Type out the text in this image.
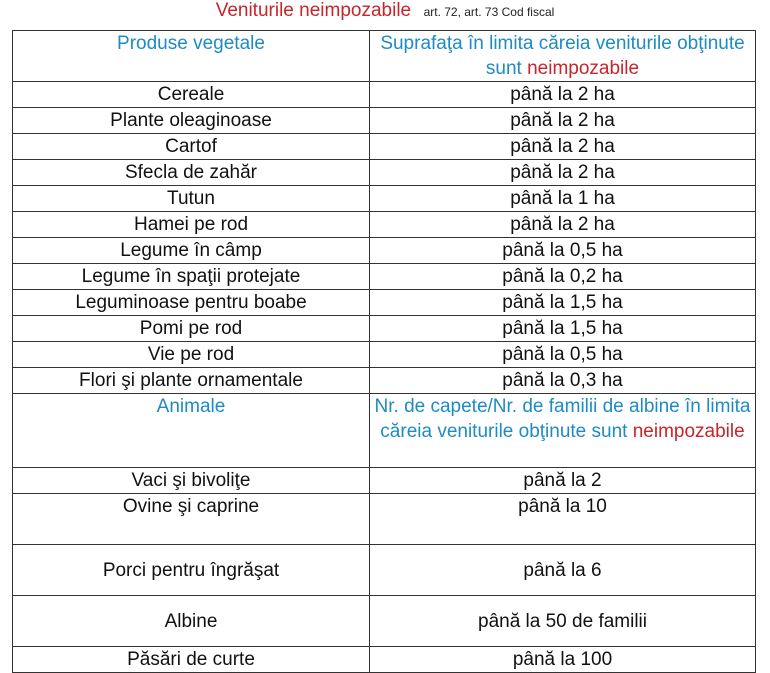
Veniturile neimpozabile art. 72, art. 73 Cod fiscal
Produse vegetale	Suprafaţa în limita căreia veniturile obţinute sunt neimpozabile
Cereale	până la 2 ha
Plante oleaginoase	până la 2 ha
Cartof	până la 2 ha
Sfecla de zahăr	până la 2 ha
Tutun	până la 1 ha
Hamei pe rod	până la 2 ha
Legume în câmp	până la 0,5 ha
Legume în spaţii protejate	până la 0,2 ha
Leguminoase pentru boabe	până la 1,5 ha
Pomi pe rod	până la 1,5 ha
Vie pe rod	până la 0,5 ha
Flori şi plante ornamentale	până la 0,3 ha
Animale	Nr. de capete/Nr. de familii de albine în limita căreia veniturile obţinute sunt neimpozabile
Vaci şi bivoliţe	până la 2
Ovine şi caprine	până la 10
Porci pentru îngrăşat	până la 6
Albine	până la 50 de familii
Păsări de curte	până la 100
